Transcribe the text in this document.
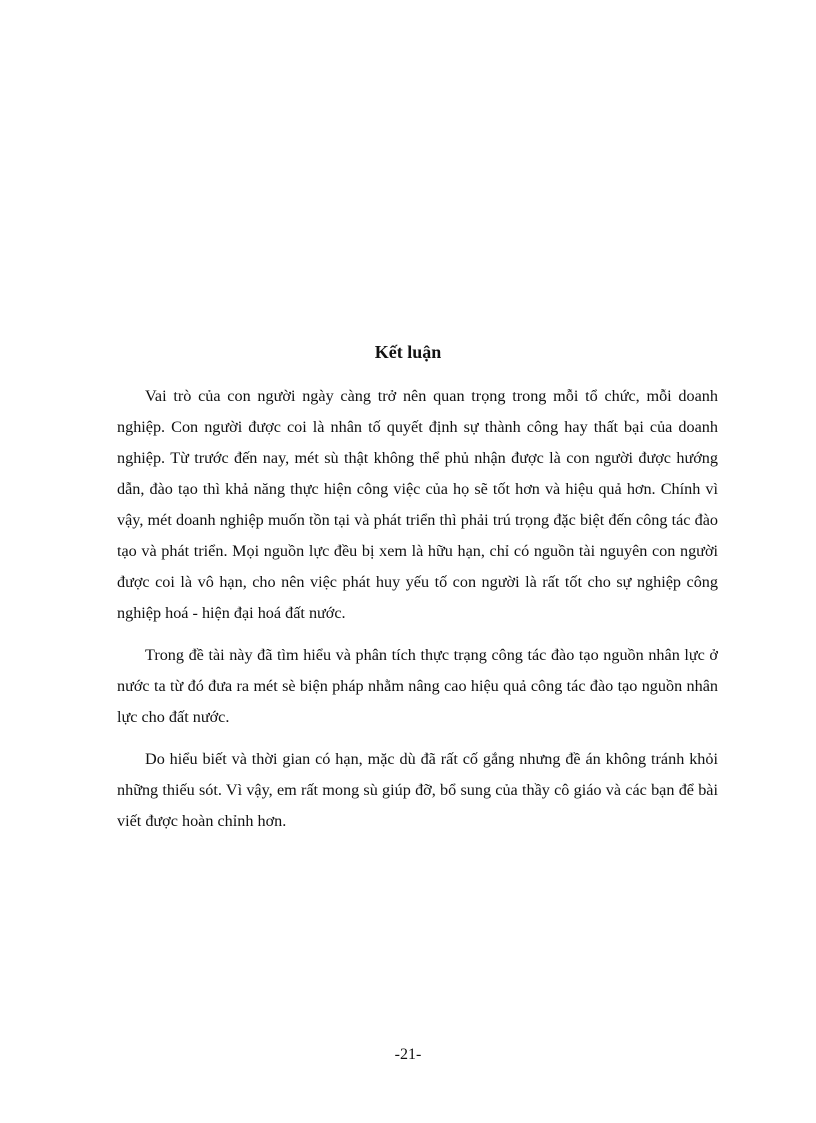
Kết luận

Vai trò của con người ngày càng trở nên quan trọng trong mỗi tổ chức, mỗi doanh nghiệp. Con người được coi là nhân tố quyết định sự thành công hay thất bại của doanh nghiệp. Từ trước đến nay, mét sù thật không thể phủ nhận được là con người được hướng dẫn, đào tạo thì khả năng thực hiện công việc của họ sẽ tốt hơn và hiệu quả hơn. Chính vì vậy, mét doanh nghiệp muốn tồn tại và phát triển thì phải trú trọng đặc biệt đến công tác đào tạo và phát triển. Mọi nguồn lực đều bị xem là hữu hạn, chỉ có nguồn tài nguyên con người được coi là vô hạn, cho nên việc phát huy yếu tố con người là rất tốt cho sự nghiệp công nghiệp hoá - hiện đại hoá đất nước.

Trong đề tài này đã tìm hiểu và phân tích thực trạng công tác đào tạo nguồn nhân lực ở nước ta từ đó đưa ra mét sè biện pháp nhằm nâng cao hiệu quả công tác đào tạo nguồn nhân lực cho đất nước.

Do hiểu biết và thời gian có hạn, mặc dù đã rất cố gắng nhưng đề án không tránh khỏi những thiếu sót. Vì vậy, em rất mong sù giúp đỡ, bổ sung của thầy cô giáo và các bạn để bài viết được hoàn chỉnh hơn.

-21-
